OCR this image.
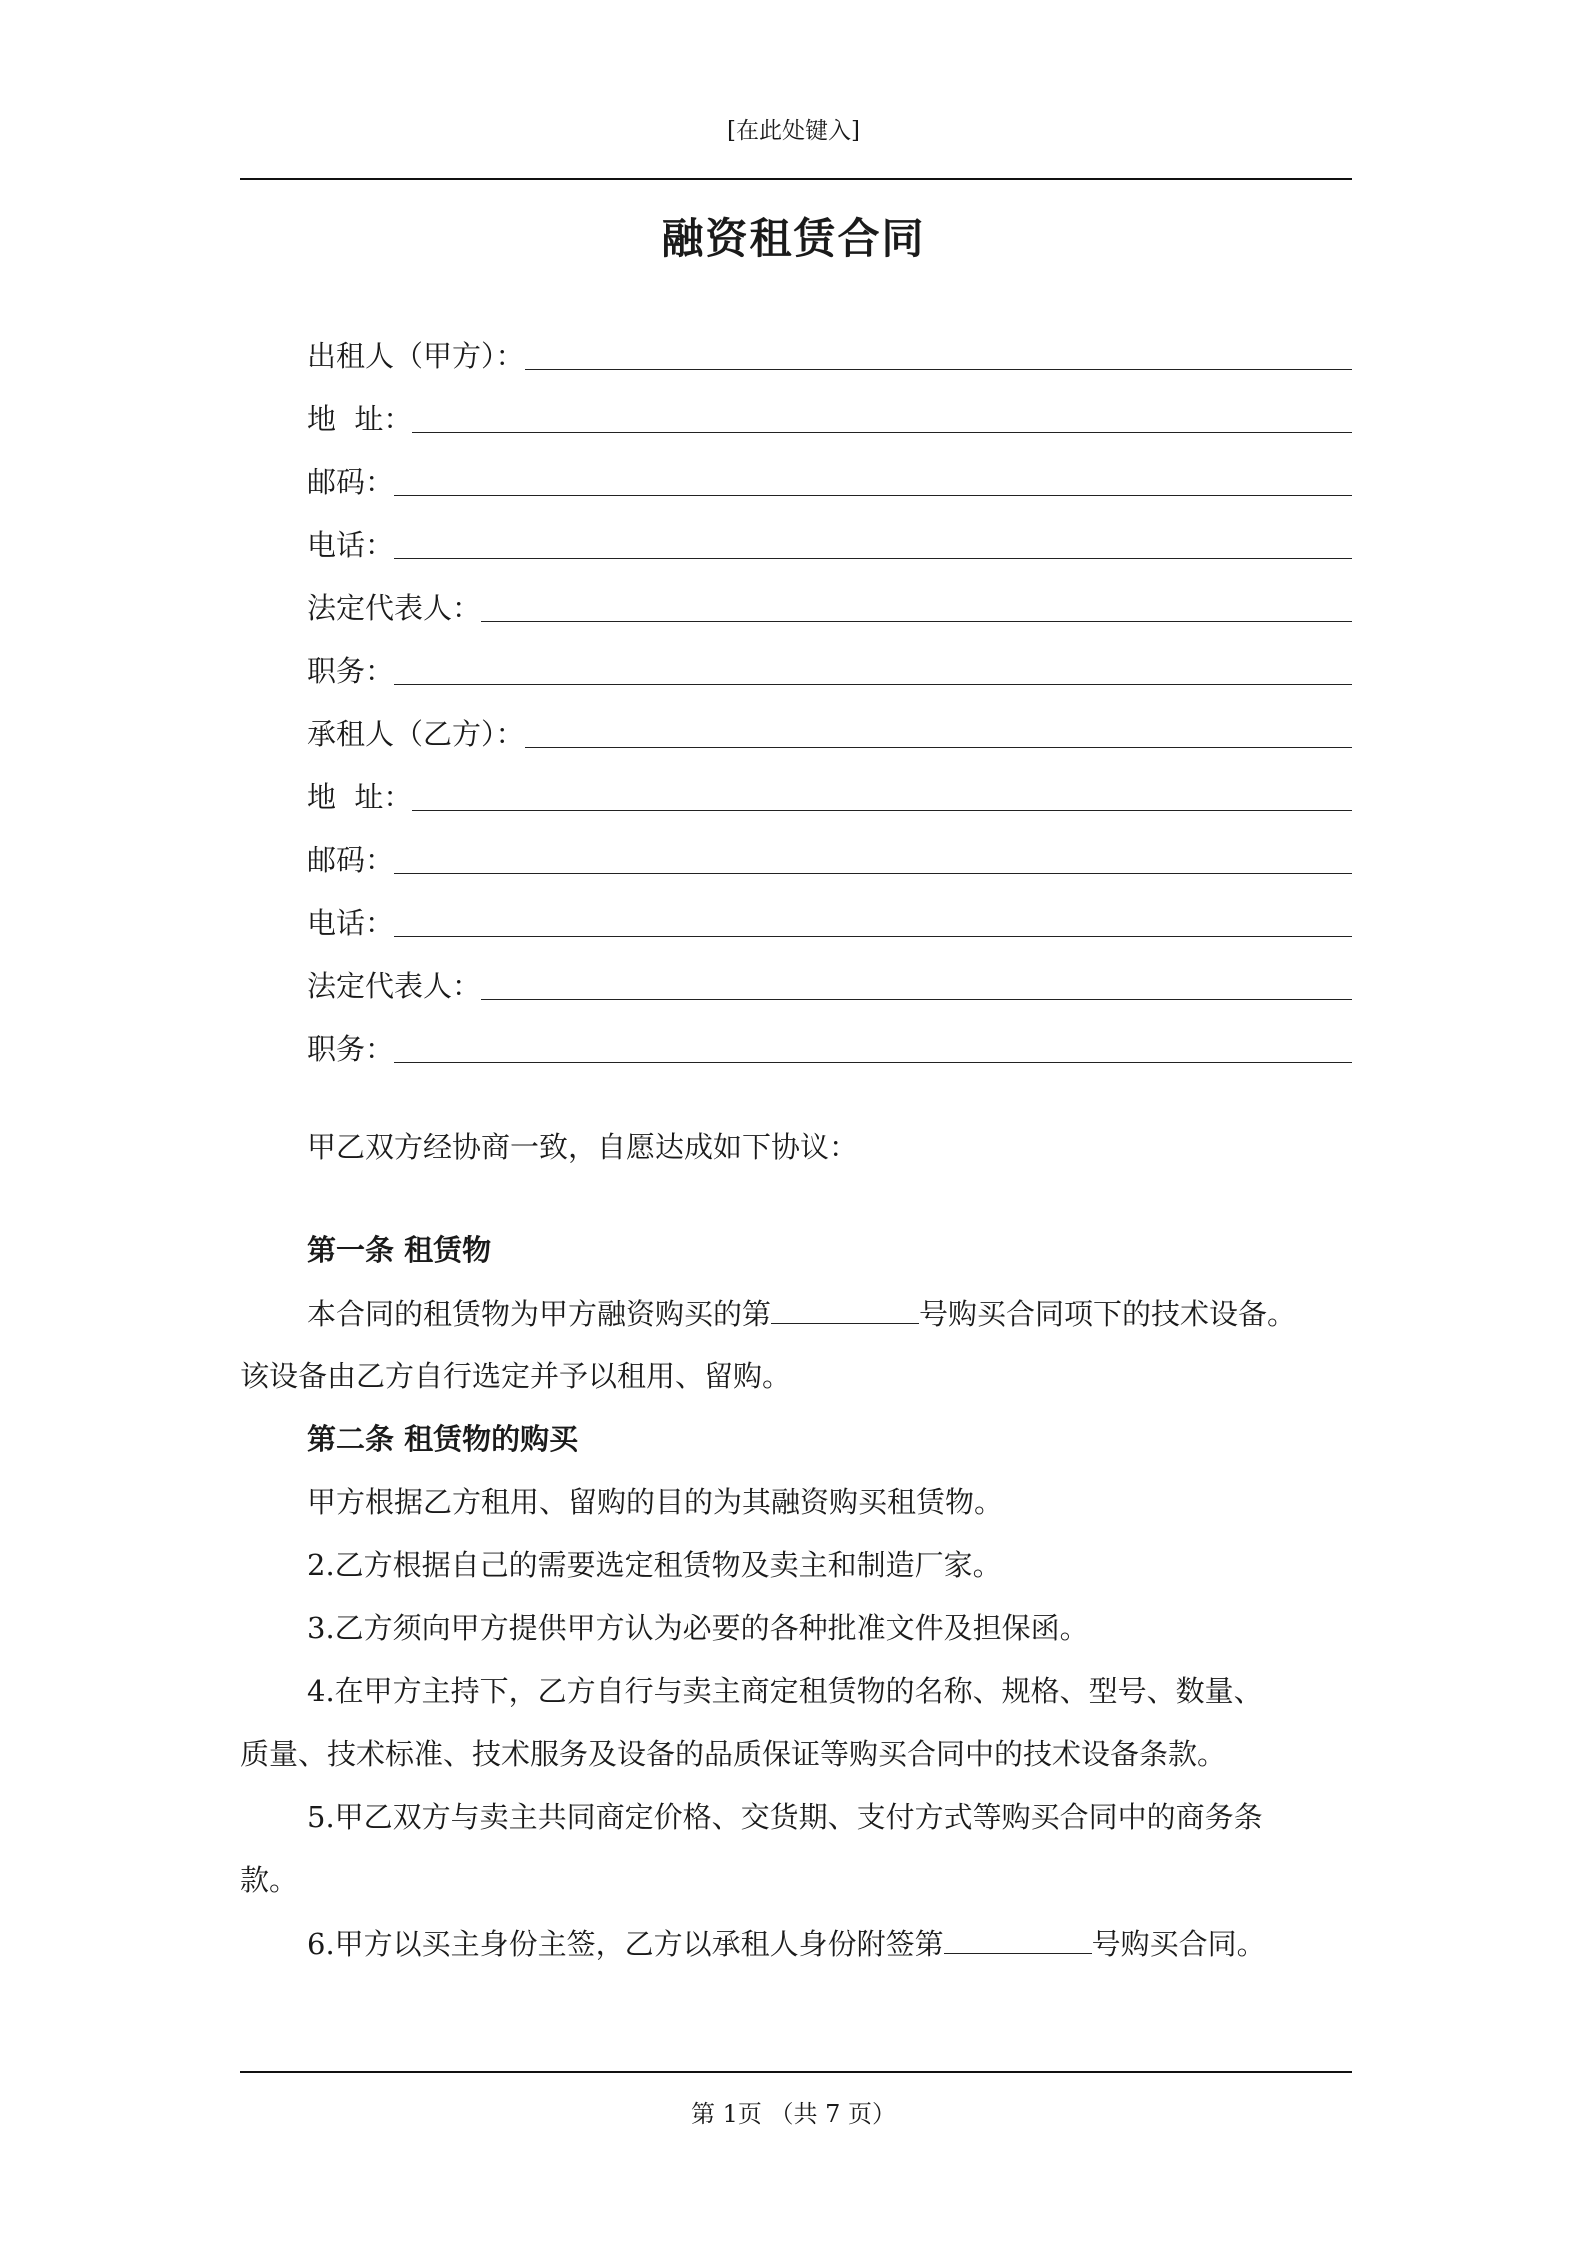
[在此处键入]
融资租赁合同
出租人（甲方）：
地  址：
邮码：
电话：
法定代表人：
职务：
承租人（乙方）：
地  址：
邮码：
电话：
法定代表人：
职务：
甲乙双方经协商一致，自愿达成如下协议：
第一条 租赁物
本合同的租赁物为甲方融资购买的第	号购买合同项下的技术设备。
该设备由乙方自行选定并予以租用、留购。
第二条 租赁物的购买
甲方根据乙方租用、留购的目的为其融资购买租赁物。
2.乙方根据自己的需要选定租赁物及卖主和制造厂家。
3.乙方须向甲方提供甲方认为必要的各种批准文件及担保函。
4.在甲方主持下，乙方自行与卖主商定租赁物的名称、规格、型号、数量、
质量、技术标准、技术服务及设备的品质保证等购买合同中的技术设备条款。
5.甲乙双方与卖主共同商定价格、交货期、支付方式等购买合同中的商务条
款。
6.甲方以买主身份主签，乙方以承租人身份附签第	号购买合同。
第 1页 （共 7 页）
